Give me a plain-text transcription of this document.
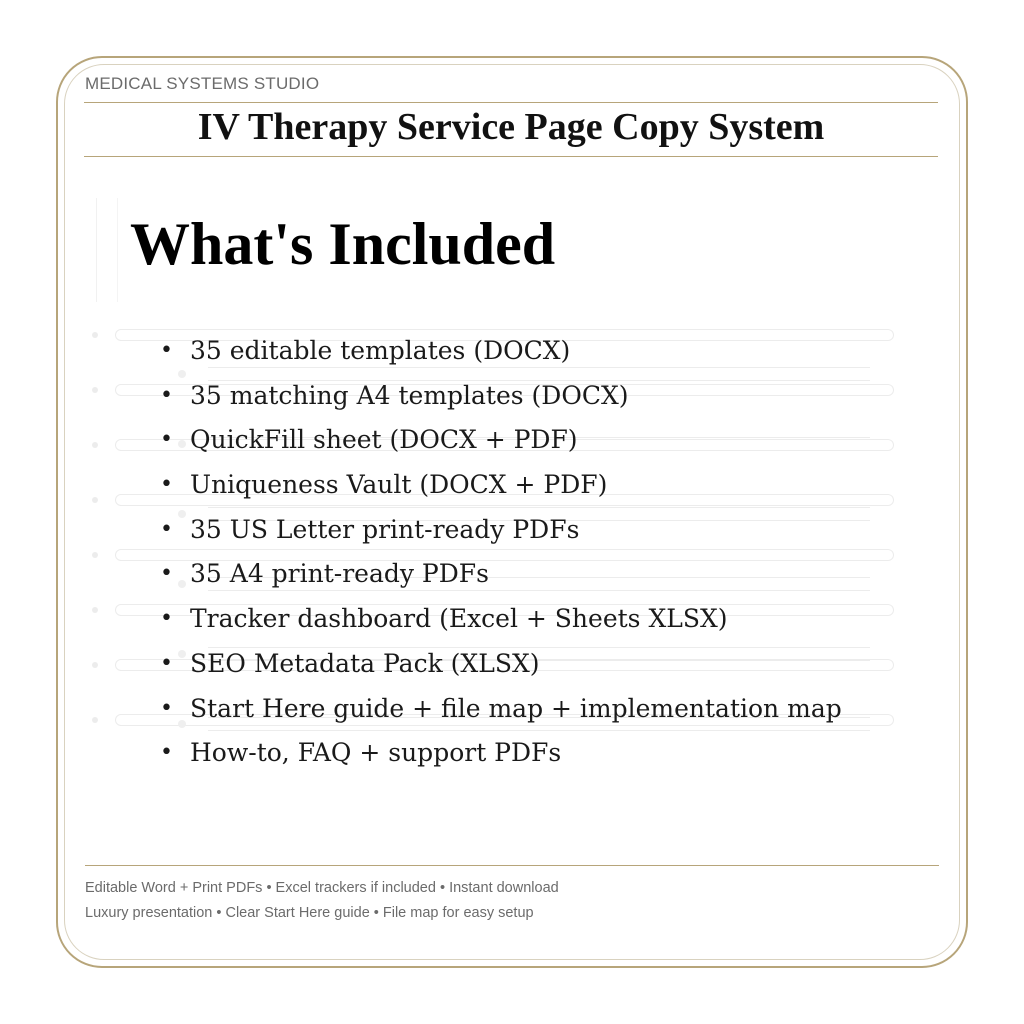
MEDICAL SYSTEMS STUDIO
IV Therapy Service Page Copy System
What's Included
• 35 editable templates (DOCX)
• 35 matching A4 templates (DOCX)
• QuickFill sheet (DOCX + PDF)
• Uniqueness Vault (DOCX + PDF)
• 35 US Letter print-ready PDFs
• 35 A4 print-ready PDFs
• Tracker dashboard (Excel + Sheets XLSX)
• SEO Metadata Pack (XLSX)
• Start Here guide + file map + implementation map
• How-to, FAQ + support PDFs
Editable Word + Print PDFs • Excel trackers if included • Instant download
Luxury presentation • Clear Start Here guide • File map for easy setup
